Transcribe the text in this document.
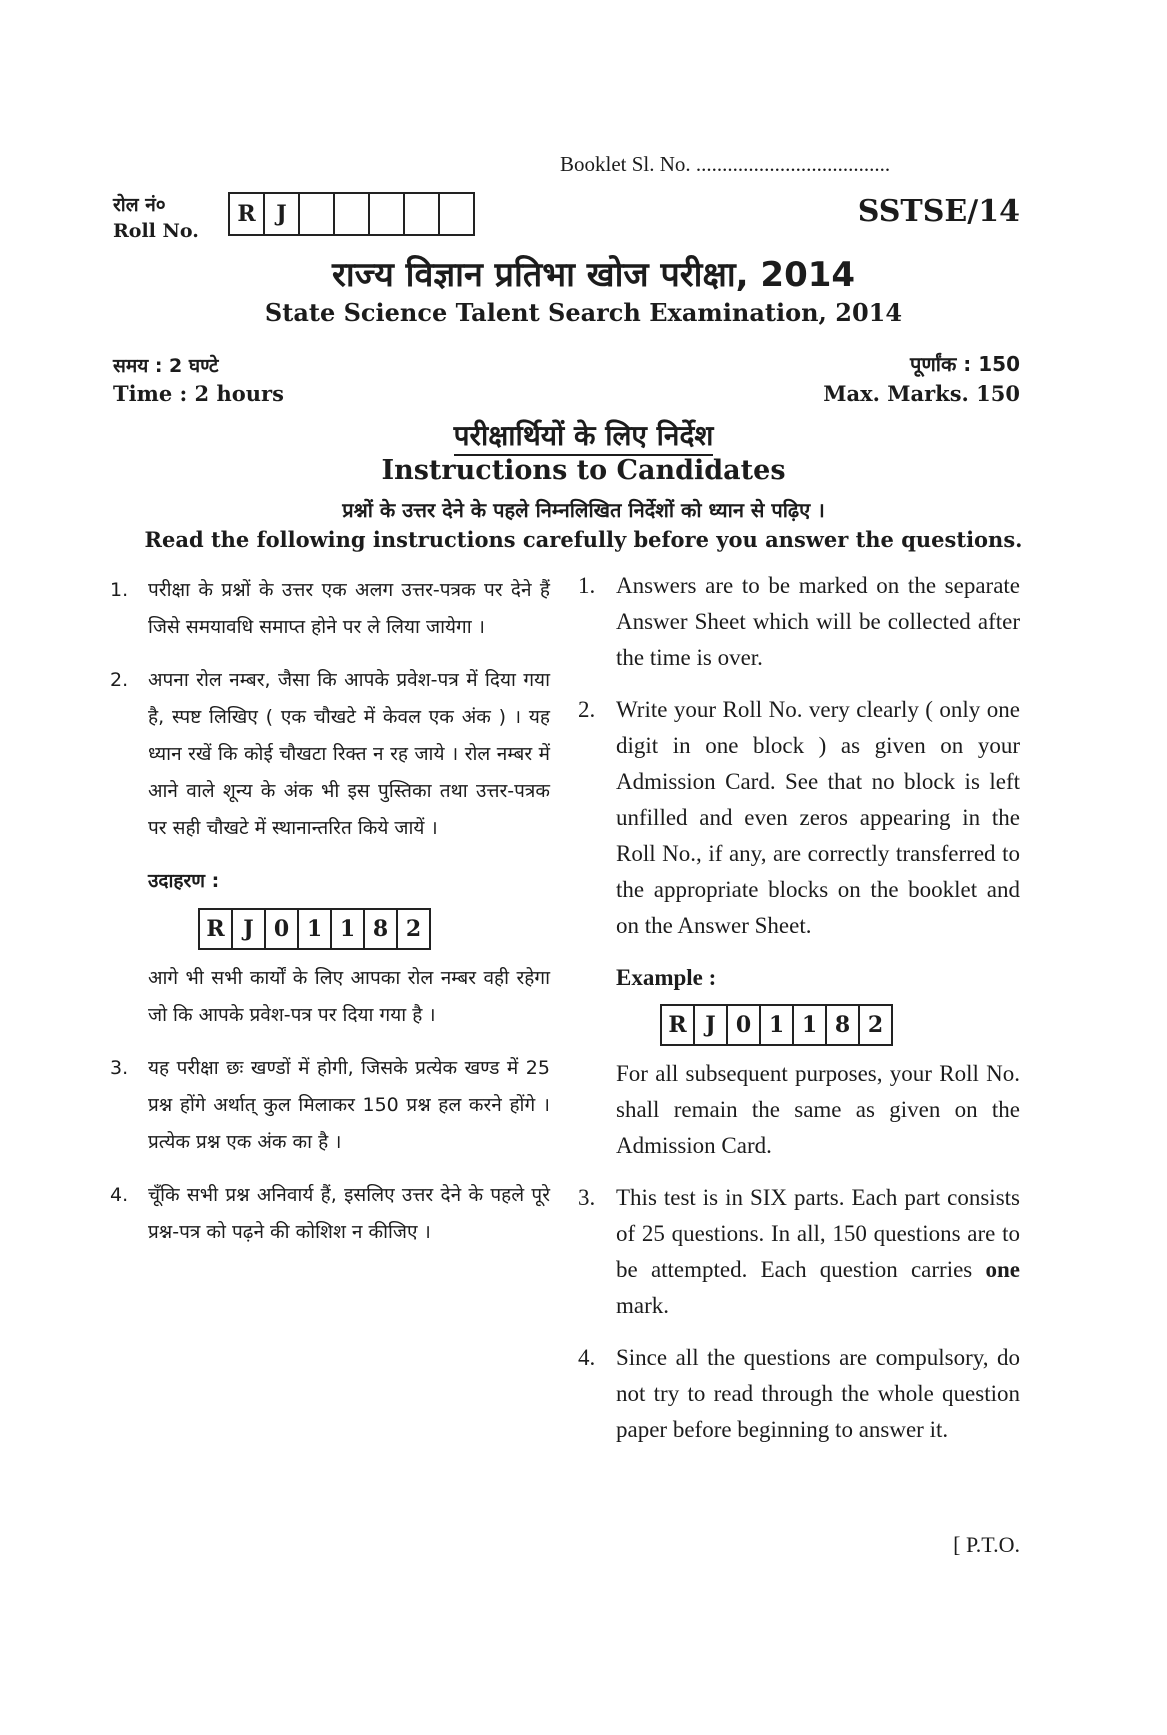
Booklet Sl. No. .....................................
रोल नं०
Roll No.
R J	SSTSE/14
राज्य विज्ञान प्रतिभा खोज परीक्षा, 2014
State Science Talent Search Examination, 2014
समय : 2 घण्टे
Time : 2 hours
पूर्णांक : 150
Max. Marks. 150
परीक्षार्थियों के लिए निर्देश
Instructions to Candidates
प्रश्नों के उत्तर देने के पहले निम्नलिखित निर्देशों को ध्यान से पढ़िए ।
Read the following instructions carefully before you answer the questions.
1.	परीक्षा के प्रश्नों के उत्तर एक अलग उत्तर-पत्रक पर देने हैं जिसे समयावधि समाप्त होने पर ले लिया जायेगा ।
2.	अपना रोल नम्बर, जैसा कि आपके प्रवेश-पत्र में दिया गया है, स्पष्ट लिखिए ( एक चौखटे में केवल एक अंक ) । यह ध्यान रखें कि कोई चौखटा रिक्त न रह जाये । रोल नम्बर में आने वाले शून्य के अंक भी इस पुस्तिका तथा उत्तर-पत्रक पर सही चौखटे में स्थानान्तरित किये जायें ।
उदाहरण :
R J 0 1 1 8 2
आगे भी सभी कार्यों के लिए आपका रोल नम्बर वही रहेगा जो कि आपके प्रवेश-पत्र पर दिया गया है ।
3.	यह परीक्षा छः खण्डों में होगी, जिसके प्रत्येक खण्ड में 25 प्रश्न होंगे अर्थात् कुल मिलाकर 150 प्रश्न हल करने होंगे । प्रत्येक प्रश्न एक अंक का है ।
4.	चूँकि सभी प्रश्न अनिवार्य हैं, इसलिए उत्तर देने के पहले पूरे प्रश्न-पत्र को पढ़ने की कोशिश न कीजिए ।
1. Answers are to be marked on the separate Answer Sheet which will be collected after the time is over.
2. Write your Roll No. very clearly ( only one digit in one block ) as given on your Admission Card. See that no block is left unfilled and even zeros appearing in the Roll No., if any, are correctly transferred to the appropriate blocks on the booklet and on the Answer Sheet.
Example :
R J 0 1 1 8 2
For all subsequent purposes, your Roll No. shall remain the same as given on the Admission Card.
3. This test is in SIX parts. Each part consists of 25 questions. In all, 150 questions are to be attempted. Each question carries one mark.
4. Since all the questions are compulsory, do not try to read through the whole question paper before beginning to answer it.
[ P.T.O.
